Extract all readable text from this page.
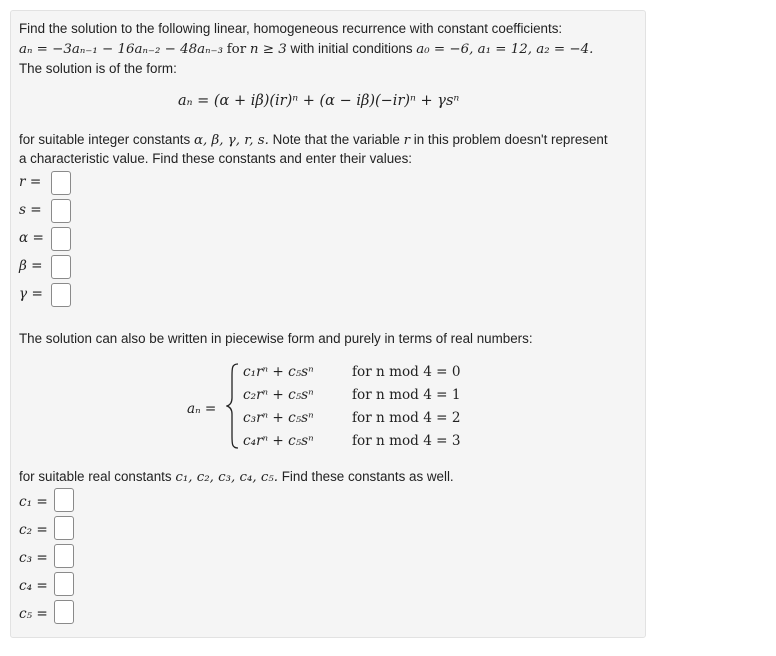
Find the solution to the following linear, homogeneous recurrence with constant coefficients:
aₙ = −3aₙ₋₁ − 16aₙ₋₂ − 48aₙ₋₃ for n ≥ 3 with initial conditions a₀ = −6, a₁ = 12, a₂ = −4.
The solution is of the form:
aₙ = (α + iβ)(ir)ⁿ + (α − iβ)(−ir)ⁿ + γsⁿ
for suitable integer constants α, β, γ, r, s. Note that the variable r in this problem doesn't represent
a characteristic value. Find these constants and enter their values:
r =
s =
α =
β =
γ =
The solution can also be written in piecewise form and purely in terms of real numbers:
aₙ =
c₁rⁿ + c₅sⁿ	for n mod 4 = 0
c₂rⁿ + c₅sⁿ	for n mod 4 = 1
c₃rⁿ + c₅sⁿ	for n mod 4 = 2
c₄rⁿ + c₅sⁿ	for n mod 4 = 3
for suitable real constants c₁, c₂, c₃, c₄, c₅. Find these constants as well.
c₁ =
c₂ =
c₃ =
c₄ =
c₅ =
